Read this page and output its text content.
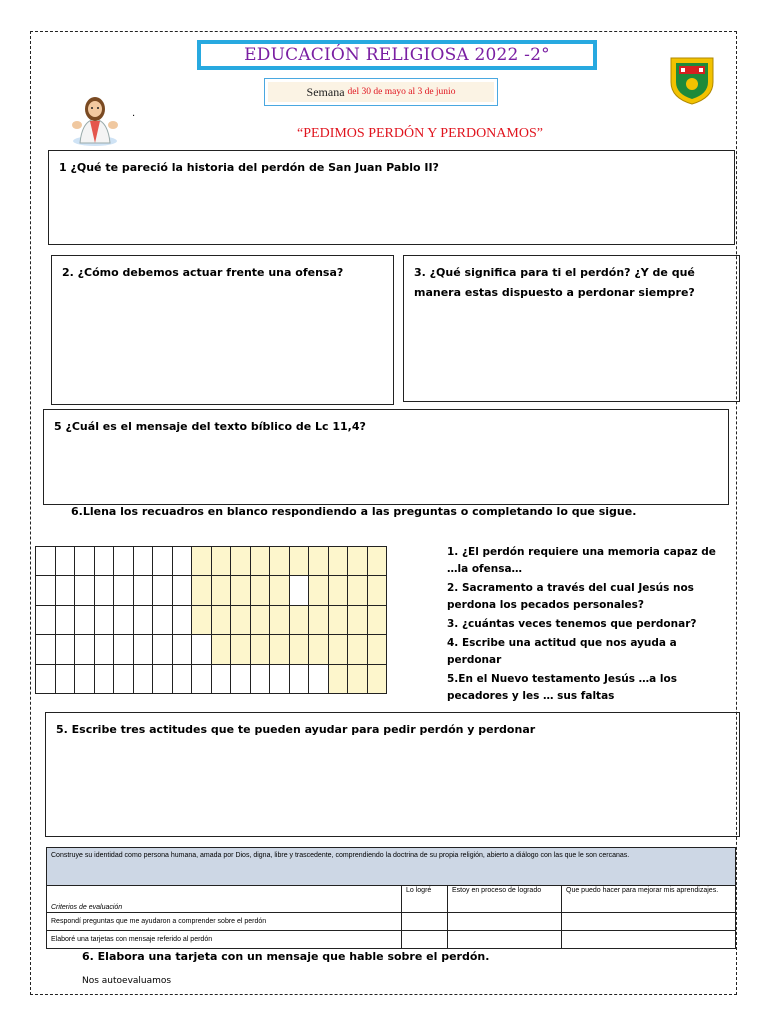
EDUCACIÓN RELIGIOSA 2022 -2°
Semana del 30 de mayo al 3 de junio
.
“PEDIMOS PERDÓN Y PERDONAMOS”
1 ¿Qué te pareció la historia del perdón de San Juan Pablo II?
2. ¿Cómo debemos actuar frente una ofensa?	3. ¿Qué significa para ti el perdón? ¿Y de qué manera estas dispuesto a perdonar siempre?
5 ¿Cuál es el mensaje del texto bíblico de Lc 11,4?
6.Llena los recuadros en blanco respondiendo a las preguntas o completando lo que sigue.

1. ¿El perdón requiere una memoria capaz de …la ofensa…
2. Sacramento a través del cual Jesús nos perdona los pecados personales?
3. ¿cuántas veces tenemos que perdonar?
4. Escribe una actitud que nos ayuda a perdonar
5.En el Nuevo testamento Jesús …a los pecadores y les … sus faltas
5. Escribe tres actitudes que te pueden ayudar para pedir perdón y perdonar
Construye su identidad como persona humana, amada por Dios, digna, libre y trascedente, comprendiendo la doctrina de su propia religión, abierto a diálogo con las que le son cercanas.			
Criterios de evaluación	Lo logré	Estoy en proceso de logrado	Que puedo hacer para mejorar mis aprendizajes.
Respondí preguntas que me ayudaron a comprender sobre el perdón			
Elaboré una tarjetas con mensaje referido al perdón			
6. Elabora una tarjeta con un mensaje que hable sobre el perdón.
Nos autoevaluamos
